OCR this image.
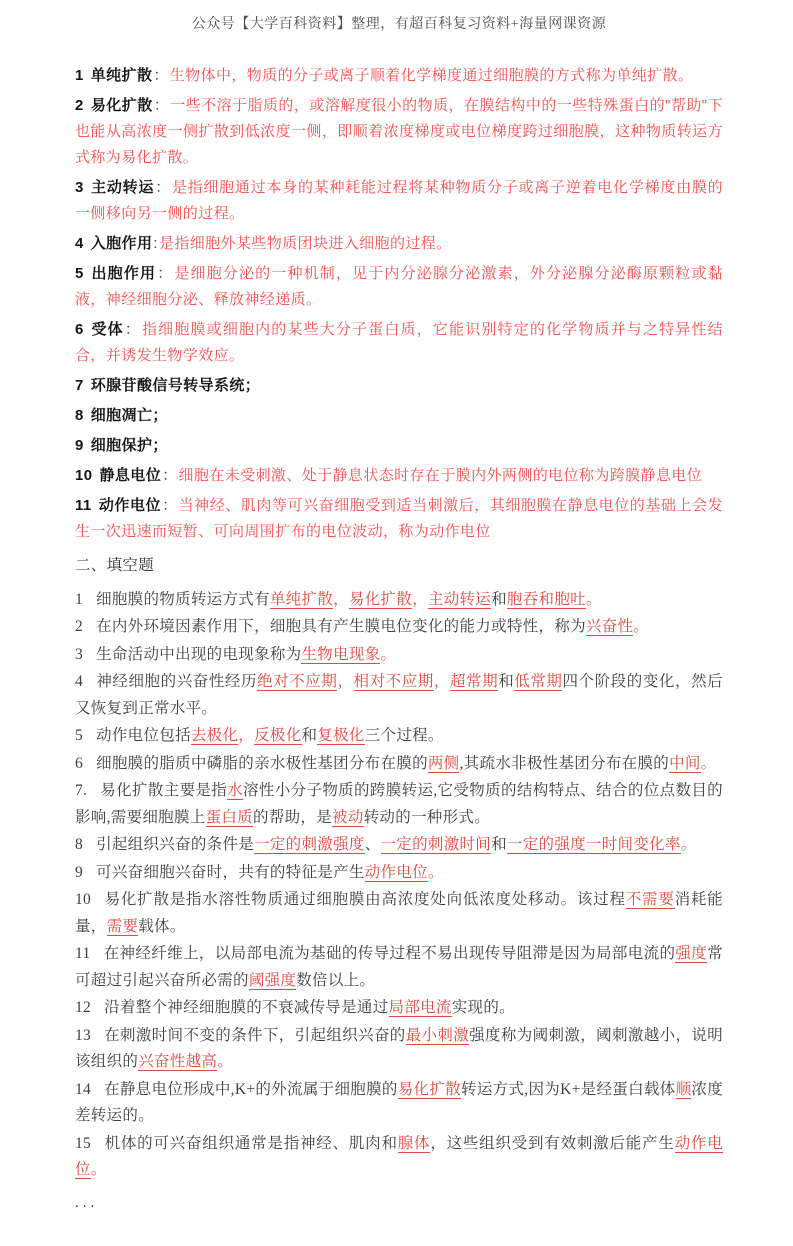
公众号【大学百科资料】整理，有超百科复习资料+海量网课资源

1 单纯扩散：生物体中，物质的分子或离子顺着化学梯度通过细胞膜的方式称为单纯扩散。

2 易化扩散：一些不溶于脂质的，或溶解度很小的物质，在膜结构中的一些特殊蛋白的"帮助"下也能从高浓度一侧扩散到低浓度一侧，即顺着浓度梯度或电位梯度跨过细胞膜，这种物质转运方式称为易化扩散。

3 主动转运：是指细胞通过本身的某种耗能过程将某种物质分子或离子逆着电化学梯度由膜的一侧移向另一侧的过程。

4 入胞作用:是指细胞外某些物质团块进入细胞的过程。

5 出胞作用：是细胞分泌的一种机制，见于内分泌腺分泌激素，外分泌腺分泌酶原颗粒或黏液，神经细胞分泌、释放神经递质。

6 受体：指细胞膜或细胞内的某些大分子蛋白质，它能识别特定的化学物质并与之特异性结合，并诱发生物学效应。

7 环腺苷酸信号转导系统；

8 细胞凋亡；

9 细胞保护；

10 静息电位：细胞在未受刺激、处于静息状态时存在于膜内外两侧的电位称为跨膜静息电位

11 动作电位：当神经、肌肉等可兴奋细胞受到适当刺激后，其细胞膜在静息电位的基础上会发生一次迅速而短暂、可向周围扩布的电位波动，称为动作电位

二、填空题

1 细胞膜的物质转运方式有单纯扩散，易化扩散，主动转运和胞吞和胞吐。

2 在内外环境因素作用下，细胞具有产生膜电位变化的能力或特性，称为兴奋性。

3 生命活动中出现的电现象称为生物电现象。

4 神经细胞的兴奋性经历绝对不应期，相对不应期，超常期和低常期四个阶段的变化，然后又恢复到正常水平。

5 动作电位包括去极化，反极化和复极化三个过程。

6 细胞膜的脂质中磷脂的亲水极性基团分布在膜的两侧,其疏水非极性基团分布在膜的中间。

7. 易化扩散主要是指水溶性小分子物质的跨膜转运,它受物质的结构特点、结合的位点数目的影响,需要细胞膜上蛋白质的帮助，是被动转动的一种形式。

8 引起组织兴奋的条件是一定的刺激强度、一定的刺激时间和一定的强度一时间变化率。

9 可兴奋细胞兴奋时，共有的特征是产生动作电位。

10 易化扩散是指水溶性物质通过细胞膜由高浓度处向低浓度处移动。该过程不需要消耗能量，需要载体。

11 在神经纤维上，以局部电流为基础的传导过程不易出现传导阻滞是因为局部电流的强度常可超过引起兴奋所必需的阈强度数倍以上。

12 沿着整个神经细胞膜的不衰减传导是通过局部电流实现的。

13 在刺激时间不变的条件下，引起组织兴奋的最小刺激强度称为阈刺激，阈刺激越小，说明该组织的兴奋性越高。

14 在静息电位形成中,K+的外流属于细胞膜的易化扩散转运方式,因为K+是经蛋白载体顺浓度差转运的。

15 机体的可兴奋组织通常是指神经、肌肉和腺体，这些组织受到有效刺激后能产生动作电位。

...
